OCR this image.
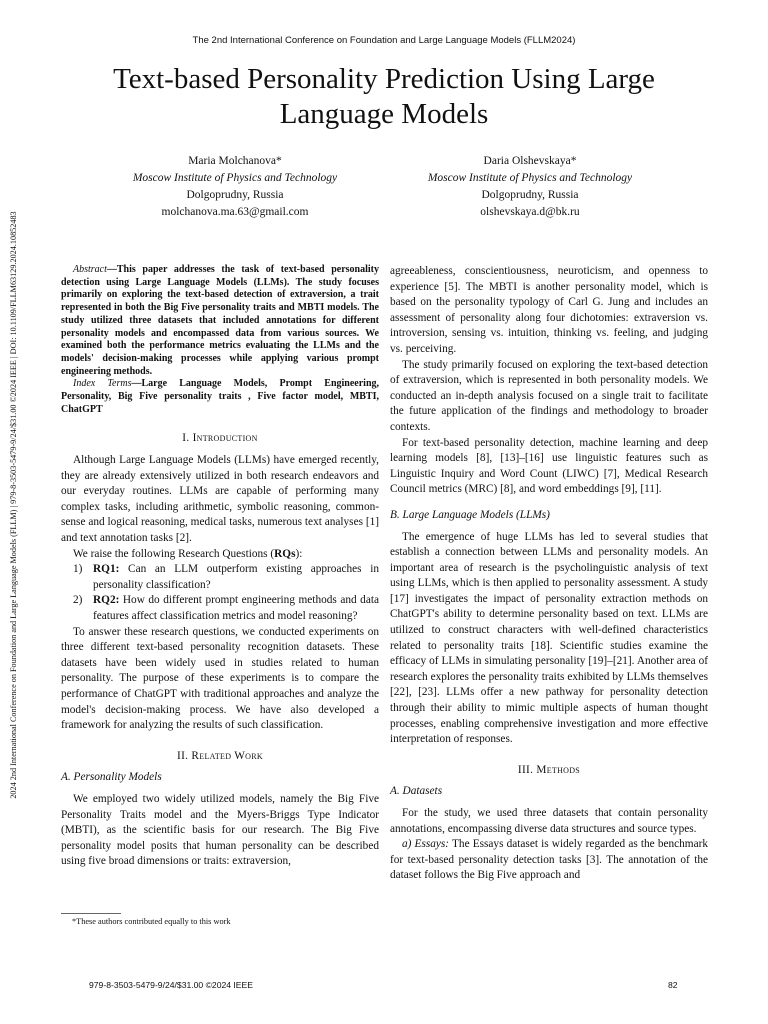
The 2nd International Conference on Foundation and Large Language Models (FLLM2024)
Text-based Personality Prediction Using Large Language Models
Maria Molchanova*
Moscow Institute of Physics and Technology
Dolgoprudny, Russia
molchanova.ma.63@gmail.com
Daria Olshevskaya*
Moscow Institute of Physics and Technology
Dolgoprudny, Russia
olshevskaya.d@bk.ru
2024 2nd International Conference on Foundation and Large Language Models (FLLM) | 979-8-3503-5479-9/24/$31.00 ©2024 IEEE | DOI: 10.1109/FLLM63129.2024.10852483	Abstract—This paper addresses the task of text-based personality detection using Large Language Models (LLMs). The study focuses primarily on exploring the text-based detection of extraversion, a trait represented in both the Big Five personality traits and MBTI models. The study utilized three datasets that included annotations for different personality models and encompassed data from various sources. We examined both the performance metrics evaluating the LLMs and the models' decision-making processes while applying various prompt engineering methods.

Index Terms—Large Language Models, Prompt Engineering, Personality, Big Five personality traits , Five factor model, MBTI, ChatGPT

I. Introduction

Although Large Language Models (LLMs) have emerged recently, they are already extensively utilized in both research endeavors and our everyday routines. LLMs are capable of performing many complex tasks, including arithmetic, symbolic reasoning, common-sense and logical reasoning, medical tasks, numerous text analyses [1] and text annotation tasks [2].

We raise the following Research Questions (RQs):

1) RQ1: Can an LLM outperform existing approaches in personality classification?
2) RQ2: How do different prompt engineering methods and data features affect classification metrics and model reasoning?

To answer these research questions, we conducted experiments on three different text-based personality recognition datasets. These datasets have been widely used in studies related to human personality. The purpose of these experiments is to compare the performance of ChatGPT with traditional approaches and analyze the model's decision-making process. We have also developed a framework for analyzing the results of such classification.

II. Related Work
A. Personality Models

We employed two widely utilized models, namely the Big Five Personality Traits model and the Myers-Briggs Type Indicator (MBTI), as the scientific basis for our research. The Big Five personality model posits that human personality can be described using five broad dimensions or traits: extraversion,

agreeableness, conscientiousness, neuroticism, and openness to experience [5]. The MBTI is another personality model, which is based on the personality typology of Carl G. Jung and includes an assessment of personality along four dichotomies: extraversion vs. introversion, sensing vs. intuition, thinking vs. feeling, and judging vs. perceiving.

The study primarily focused on exploring the text-based detection of extraversion, which is represented in both personality models. We conducted an in-depth analysis focused on a single trait to facilitate the future application of the findings and methodology to broader contexts.

For text-based personality detection, machine learning and deep learning models [8], [13]–[16] use linguistic features such as Linguistic Inquiry and Word Count (LIWC) [7], Medical Research Council metrics (MRC) [8], and word embeddings [9], [11].

B. Large Language Models (LLMs)

The emergence of huge LLMs has led to several studies that establish a connection between LLMs and personality models. An important area of research is the psycholinguistic analysis of text using LLMs, which is then applied to personality assessment. A study [17] investigates the impact of personality extraction methods on ChatGPT's ability to determine personality based on text. LLMs are utilized to construct characters with well-defined characteristics related to personality traits [18]. Scientific studies examine the efficacy of LLMs in simulating personality [19]–[21]. Another area of research explores the personality traits exhibited by LLMs themselves [22], [23]. LLMs offer a new pathway for personality detection through their ability to mimic multiple aspects of human thought processes, enabling comprehensive investigation and more effective interpretation of responses.

III. Methods
A. Datasets

For the study, we used three datasets that contain personality annotations, encompassing diverse data structures and source types.

a) Essays: The Essays dataset is widely regarded as the benchmark for text-based personality detection tasks [3]. The annotation of the dataset follows the Big Five approach and

*These authors contributed equally to this work
979-8-3503-5479-9/24/$31.00 ©2024 IEEE	82
